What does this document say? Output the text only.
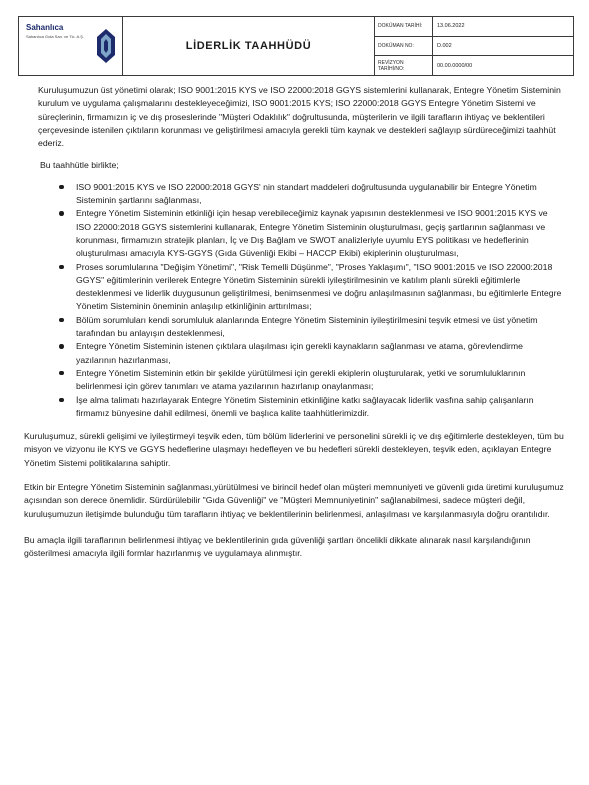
Sahanlıca
Sahanlıca Gıda San. ve Tic. A.Ş.
LİDERLİK TAAHHÜDÜ
DOKÜMAN TARİHİ:	13.06.2022
DOKÜMAN NO:	D.002
REVİZYON TARİHİ/NO:	00.00.0000/00

Kuruluşumuzun üst yönetimi olarak; ISO 9001:2015 KYS ve ISO 22000:2018 GGYS sistemlerini kullanarak, Entegre Yönetim Sisteminin kurulum ve uygulama çalışmalarını destekleyeceğimizi, ISO 9001:2015 KYS; ISO 22000:2018 GGYS Entegre Yönetim Sistemi ve süreçlerinin, firmamızın iç ve dış proseslerinde "Müşteri Odaklılık" doğrultusunda, müşterilerin ve ilgili tarafların ihtiyaç ve beklentileri çerçevesinde istenilen çıktıların korunması ve geliştirilmesi amacıyla gerekli tüm kaynak ve destekleri sağlayıp sürdüreceğimizi taahhüt ederiz.

Bu taahhütle birlikte;

ISO 9001:2015 KYS ve ISO 22000:2018 GGYS' nin standart maddeleri doğrultusunda uygulanabilir bir Entegre Yönetim Sisteminin şartlarını sağlanması,
Entegre Yönetim Sisteminin etkinliği için hesap verebileceğimiz kaynak yapısının desteklenmesi ve ISO 9001:2015 KYS ve ISO 22000:2018 GGYS sistemlerini kullanarak, Entegre Yönetim Sisteminin oluşturulması, geçiş şartlarının sağlanması ve korunması, firmamızın stratejik planları, İç ve Dış Bağlam ve SWOT analizleriyle uyumlu EYS politikası ve hedeflerinin oluşturulması amacıyla KYS-GGYS (Gıda Güvenliği Ekibi – HACCP Ekibi) ekiplerinin oluşturulması,
Proses sorumlularına "Değişim Yönetimi", "Risk Temelli Düşünme", "Proses Yaklaşımı", "ISO 9001:2015 ve ISO 22000:2018 GGYS" eğitimlerinin verilerek Entegre Yönetim Sisteminin sürekli iyileştirilmesinin ve katılım planlı sürekli eğitimlerle desteklenmesi ve liderlik duygusunun geliştirilmesi, benimsenmesi ve doğru anlaşılmasının sağlanması, bu eğitimlerle Entegre Yönetim Sisteminin öneminin anlaşılıp etkinliğinin arttırılması;
Bölüm sorumluları kendi sorumluluk alanlarında Entegre Yönetim Sisteminin iyileştirilmesini teşvik etmesi ve üst yönetim tarafından bu anlayışın desteklenmesi,
Entegre Yönetim Sisteminin istenen çıktılara ulaşılması için gerekli kaynakların sağlanması ve atama, görevlendirme yazılarının hazırlanması,
Entegre Yönetim Sisteminin etkin bir şekilde yürütülmesi için gerekli ekiplerin oluşturularak, yetki ve sorumluluklarının belirlenmesi için görev tanımları ve atama yazılarının hazırlanıp onaylanması;
İşe alma talimatı hazırlayarak Entegre Yönetim Sisteminin etkinliğine katkı sağlayacak liderlik vasfına sahip çalışanların firmamız bünyesine dahil edilmesi, önemli ve başlıca kalite taahhütlerimizdir.

Kuruluşumuz, sürekli gelişimi ve iyileştirmeyi teşvik eden, tüm bölüm liderlerini ve personelini sürekli iç ve dış eğitimlerle destekleyen, tüm bu misyon ve vizyonu ile KYS ve GGYS hedeflerine ulaşmayı hedefleyen ve bu hedefleri sürekli destekleyen, teşvik eden, açıklayan Entegre Yönetim Sistemi politikalarına sahiptir.

Etkin bir Entegre Yönetim Sisteminin sağlanması,yürütülmesi ve birincil hedef olan müşteri memnuniyeti ve güvenli gıda üretimi kuruluşumuz açısından son derece önemlidir. Sürdürülebilir "Gıda Güvenliği" ve "Müşteri Memnuniyetinin" sağlanabilmesi, sadece müşteri değil, kuruluşumuzun iletişimde bulunduğu tüm tarafların ihtiyaç ve beklentilerinin belirlenmesi, anlaşılması ve karşılanmasıyla doğru orantılıdır.

Bu amaçla ilgili taraflarının belirlenmesi ihtiyaç ve beklentilerinin gıda güvenliği şartları öncelikli dikkate alınarak nasıl karşılandığının gösterilmesi amacıyla ilgili formlar hazırlanmış ve uygulamaya alınmıştır.
